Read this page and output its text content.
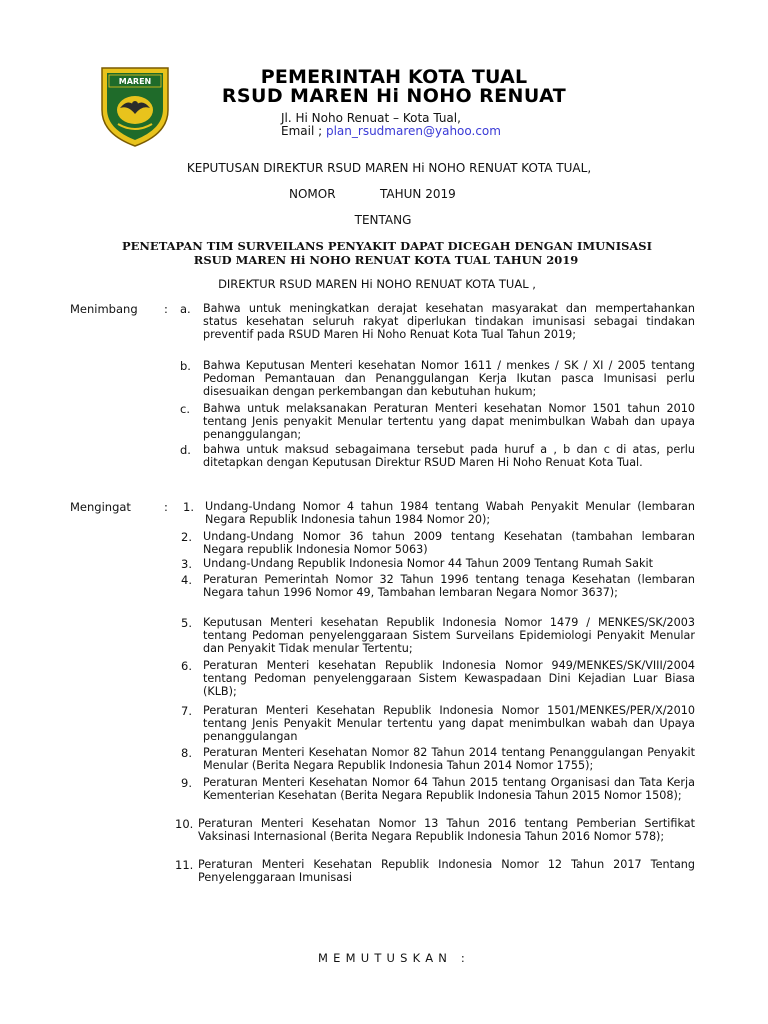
MAREN	PEMERINTAH KOTA TUAL
RSUD MAREN Hi NOHO RENUAT
Jl. Hi Noho Renuat – Kota Tual,
Email ; plan_rsudmaren@yahoo.com
KEPUTUSAN DIREKTUR RSUD MAREN Hi NOHO RENUAT KOTA TUAL,
NOMOR	TAHUN 2019
TENTANG
PENETAPAN TIM SURVEILANS PENYAKIT DAPAT DICEGAH DENGAN IMUNISASI
RSUD MAREN Hi NOHO RENUAT KOTA TUAL TAHUN 2019
DIREKTUR RSUD MAREN Hi NOHO RENUAT KOTA TUAL ,
Menimbang : a. Bahwa untuk meningkatkan derajat kesehatan masyarakat dan mempertahankan status kesehatan seluruh rakyat diperlukan tindakan imunisasi sebagai tindakan preventif pada RSUD Maren Hi Noho Renuat Kota Tual Tahun 2019;
b. Bahwa Keputusan Menteri kesehatan Nomor 1611 / menkes / SK / XI / 2005 tentang Pedoman Pemantauan dan Penanggulangan Kerja Ikutan pasca Imunisasi perlu disesuaikan dengan perkembangan dan kebutuhan hukum;
c. Bahwa untuk melaksanakan Peraturan Menteri kesehatan Nomor 1501 tahun 2010 tentang Jenis penyakit Menular tertentu yang dapat menimbulkan Wabah dan upaya penanggulangan;
d. bahwa untuk maksud sebagaimana tersebut pada huruf a , b dan c di atas, perlu ditetapkan dengan Keputusan Direktur RSUD Maren Hi Noho Renuat Kota Tual.
Mengingat	: 1. Undang-Undang Nomor 4 tahun 1984 tentang Wabah Penyakit Menular (lembaran Negara Republik Indonesia tahun 1984 Nomor 20);
2. Undang-Undang Nomor 36 tahun 2009 tentang Kesehatan (tambahan lembaran Negara republik Indonesia Nomor 5063)
3. Undang-Undang Republik Indonesia Nomor 44 Tahun 2009 Tentang Rumah Sakit
4. Peraturan Pemerintah Nomor 32 Tahun 1996 tentang tenaga Kesehatan (lembaran Negara tahun 1996 Nomor 49, Tambahan lembaran Negara Nomor 3637);
5. Keputusan Menteri kesehatan Republik Indonesia Nomor 1479 / MENKES/SK/2003 tentang Pedoman penyelenggaraan Sistem Surveilans Epidemiologi Penyakit Menular dan Penyakit Tidak menular Tertentu;
6. Peraturan Menteri kesehatan Republik Indonesia Nomor 949/MENKES/SK/VIII/2004 tentang Pedoman penyelenggaraan Sistem Kewaspadaan Dini Kejadian Luar Biasa (KLB);
7. Peraturan Menteri Kesehatan Republik Indonesia Nomor 1501/MENKES/PER/X/2010 tentang Jenis Penyakit Menular tertentu yang dapat menimbulkan wabah dan Upaya penanggulangan
8. Peraturan Menteri Kesehatan Nomor 82 Tahun 2014 tentang Penanggulangan Penyakit Menular (Berita Negara Republik Indonesia Tahun 2014 Nomor 1755);
9. Peraturan Menteri Kesehatan Nomor 64 Tahun 2015 tentang Organisasi dan Tata Kerja Kementerian Kesehatan (Berita Negara Republik Indonesia Tahun 2015 Nomor 1508);
10. Peraturan Menteri Kesehatan Nomor 13 Tahun 2016 tentang Pemberian Sertifikat Vaksinasi Internasional (Berita Negara Republik Indonesia Tahun 2016 Nomor 578);
11. Peraturan Menteri Kesehatan Republik Indonesia Nomor 12 Tahun 2017 Tentang Penyelenggaraan Imunisasi
MEMUTUSKAN :
